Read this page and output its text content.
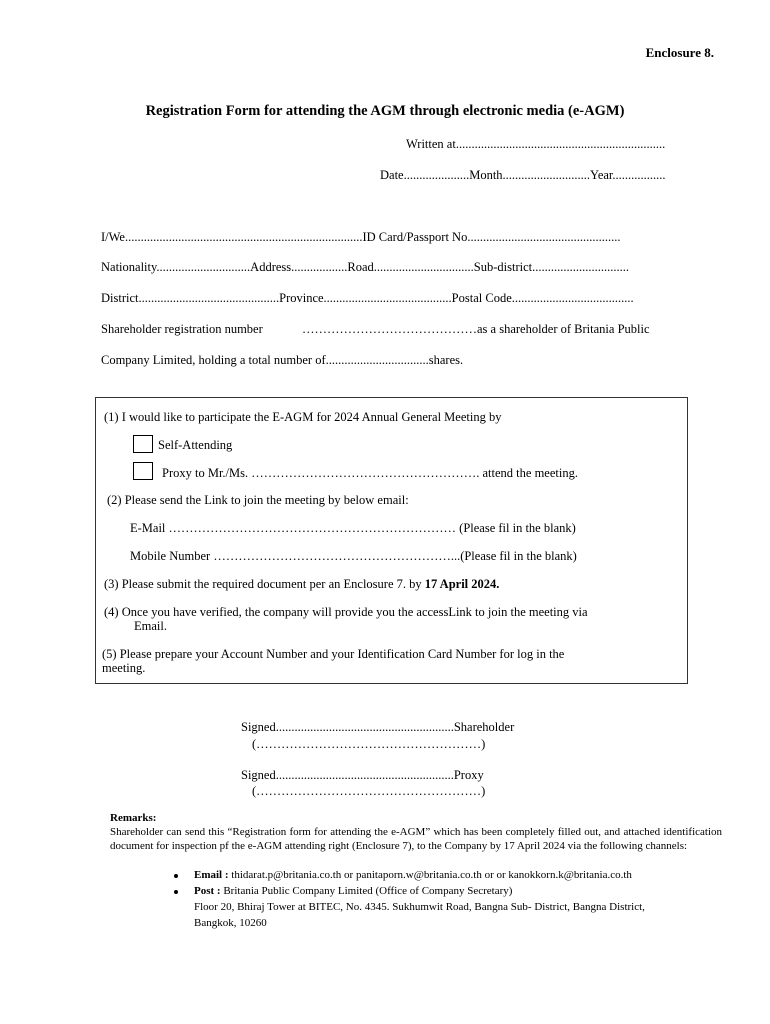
Enclosure 8.
Registration Form for attending the AGM through electronic media (e-AGM)
Written at...................................................................
Date.....................Month............................Year.................
I/We............................................................................ID Card/Passport No.................................................
Nationality..............................Address..................Road................................Sub-district...............................
District.............................................Province.........................................Postal Code.......................................
Shareholder registration number	……………………………………as a shareholder of Britania Public
Company Limited, holding a total number of.................................shares.
(1) I would like to participate the E-AGM for 2024 Annual General Meeting by
Self-Attending
Proxy to Mr./Ms. ………………………………………………. attend the meeting.
(2) Please send the Link to join the meeting by below email:
E-Mail …………………………………………………………… (Please fil in the blank)
Mobile Number …………………………………………………...(Please fil in the blank)
(3) Please submit the required document per an Enclosure 7. by 17 April 2024.
(4) Once you have verified, the company will provide you the accessLink to join the meeting via
Email.
(5) Please prepare your Account Number and your Identification Card Number for log in the
meeting.
Signed.........................................................Shareholder
(………………………………………………)
Signed.........................................................Proxy
(………………………………………………)
Remarks:
Shareholder can send this “Registration form for attending the e-AGM” which has been completely filled out, and attached identification document for inspection pf the e-AGM attending right (Enclosure 7), to the Company by 17 April 2024 via the following channels:
Email : thidarat.p@britania.co.th or panitaporn.w@britania.co.th or or kanokkorn.k@britania.co.th
Post : Britania Public Company Limited (Office of Company Secretary)
Floor 20, Bhiraj Tower at BITEC, No. 4345. Sukhumwit Road, Bangna Sub- District, Bangna District,
Bangkok, 10260
